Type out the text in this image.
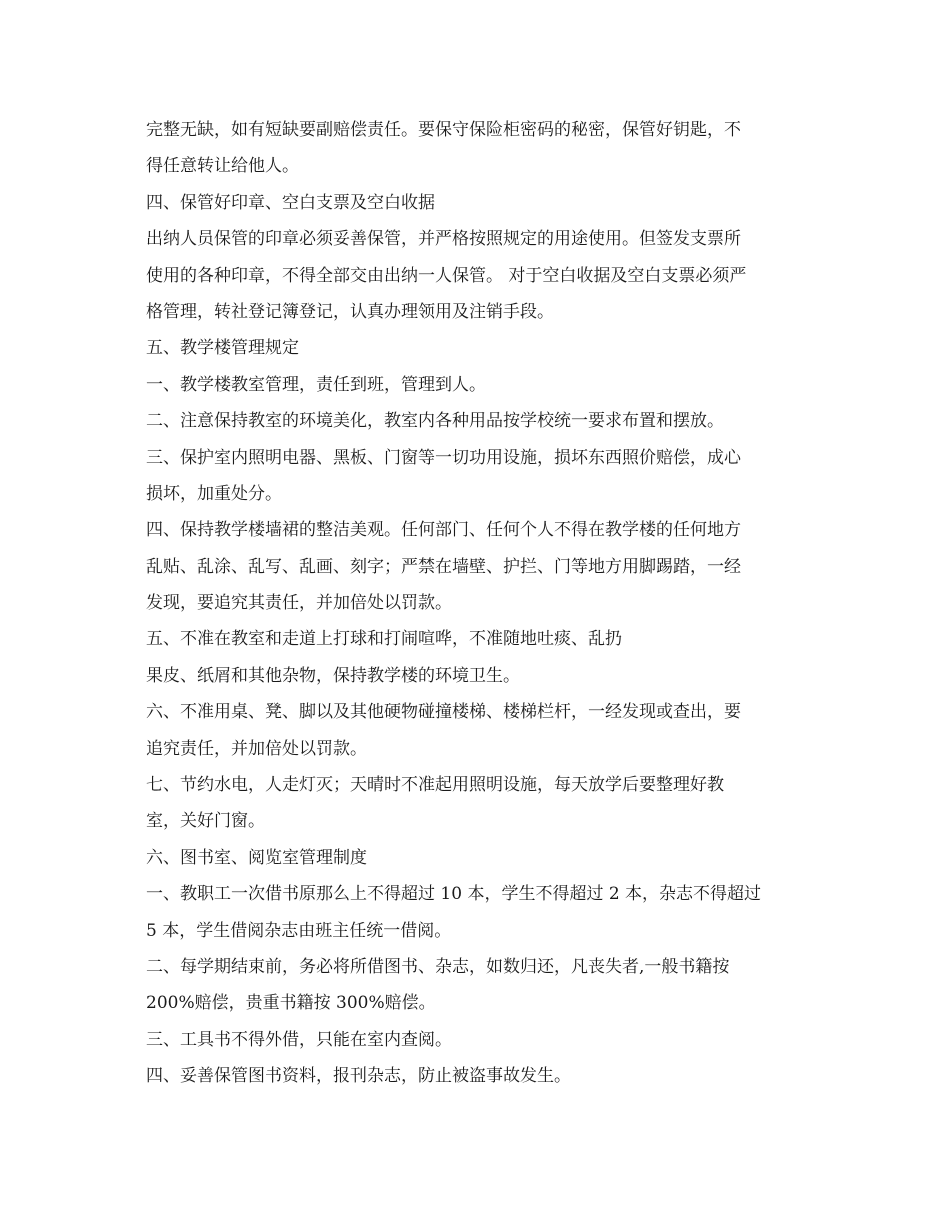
完整无缺，如有短缺要副赔偿责任。要保守保险柜密码的秘密，保管好钥匙，不
得任意转让给他人。
四、保管好印章、空白支票及空白收据
出纳人员保管的印章必须妥善保管，并严格按照规定的用途使用。但签发支票所
使用的各种印章，不得全部交由出纳一人保管。 对于空白收据及空白支票必须严
格管理，转社登记簿登记，认真办理领用及注销手段。
五、教学楼管理规定
一、教学楼教室管理，责任到班，管理到人。
二、注意保持教室的环境美化，教室内各种用品按学校统一要求布置和摆放。
三、保护室内照明电器、黑板、门窗等一切功用设施，损坏东西照价赔偿，成心
损坏，加重处分。
四、保持教学楼墙裙的整洁美观。任何部门、任何个人不得在教学楼的任何地方
乱贴、乱涂、乱写、乱画、刻字；严禁在墙壁、护拦、门等地方用脚踢踏，一经
发现，要追究其责任，并加倍处以罚款。
五、不准在教室和走道上打球和打闹喧哗，不准随地吐痰、乱扔
果皮、纸屑和其他杂物，保持教学楼的环境卫生。
六、不准用桌、凳、脚以及其他硬物碰撞楼梯、楼梯栏杆，一经发现或查出，要
追究责任，并加倍处以罚款。
七、节约水电，人走灯灭；天晴时不准起用照明设施，每天放学后要整理好教
室，关好门窗。
六、图书室、阅览室管理制度
一、教职工一次借书原那么上不得超过 10 本，学生不得超过 2 本，杂志不得超过
5 本，学生借阅杂志由班主任统一借阅。
二、每学期结束前，务必将所借图书、杂志，如数归还，凡丧失者,一般书籍按
200%赔偿，贵重书籍按 300%赔偿。
三、工具书不得外借，只能在室内查阅。
四、妥善保管图书资料，报刊杂志，防止被盗事故发生。
